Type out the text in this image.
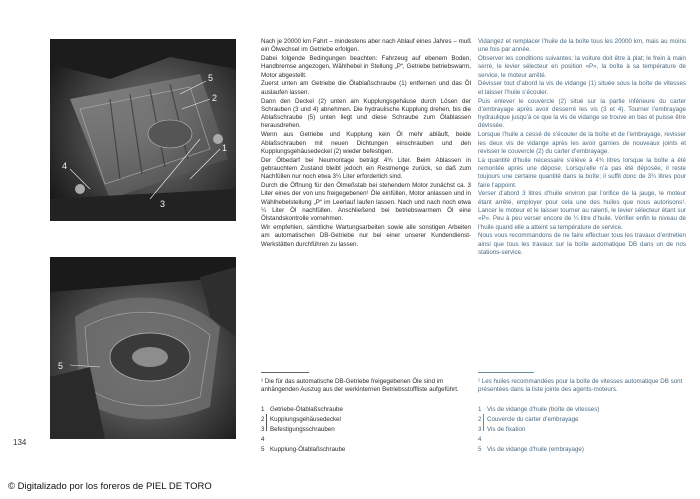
5
2
1
4
3
5

Nach je 20000 km Fahrt – mindestens aber nach Ablauf eines Jahres – muß ein Ölwechsel im Getriebe erfolgen.

Dabei folgende Bedingungen beachten: Fahrzeug auf ebenem Boden, Handbremse angezogen, Wählhebel in Stellung „P“, Getriebe betriebswarm, Motor abgestellt.

Zuerst unten am Getriebe die Ölablaßschraube (1) entfernen und das Öl auslaufen lassen.

Dann den Deckel (2) unten am Kupplungsgehäuse durch Lösen der Schrauben (3 und 4) abnehmen. Die hydraulische Kupplung drehen, bis die Ablaßschraube (5) unten liegt und diese Schraube zum Ölablassen herausdrehen.

Wenn aus Getriebe und Kupplung kein Öl mehr abläuft, beide Ablaßschrauben mit neuen Dichtungen einschrauben und den Kupplungsgehäusedeckel (2) wieder befestigen.

Der Ölbedarf bei Neumontage beträgt 4¾ Liter. Beim Ablassen in gebrauchtem Zustand bleibt jedoch ein Restmenge zurück, so daß zum Nachfüllen nur noch etwa 3¼ Liter erforderlich sind.

Durch die Öffnung für den Ölmeßstab bei stehendem Motor zunächst ca. 3 Liter eines der von uns freigegebenen¹ Öle einfüllen, Motor anlassen und in Wählhebelstellung „P“ im Leerlauf laufen lassen. Nach und nach noch etwa ¼ Liter Öl nachfüllen. Anschließend bei betriebswarmem Öl eine Ölstandskontrolle vornehmen.

Wir empfehlen, sämtliche Wartungsarbeiten sowie alle sonstigen Arbeiten am automatischen DB-Getriebe nur bei einer unserer Kundendienst-Werkstätten durchführen zu lassen.

Vidangez et remplacer l’huile de la boîte tous les 20000 km, mais au moins une fois par année.

Observer les conditions suivantes: la voiture doit être à plat; le frein à main serré, le levier sélecteur en position «P», la boîte à sa température de service, le moteur arrêté.

Dévisser tout d’abord la vis de vidange (1) située sous la boîte de vitesses et laisser l’huile s’écouler.

Puis enlever le couvercle (2) situé sur la partie inférieure du carter d’embrayage après avoir desserré les vis (3 et 4). Tourner l’embrayage hydraulique jusqu’à ce que la vis de vidange se trouve en bas et puisse être dévissée.

Lorsque l’huile a cessé de s’écouler de la boîte et de l’embrayage, revisser les deux vis de vidange après les avoir garnies de nouveaux joints et revisser le couvercle (2) du carter d’embrayage.

La quantité d’huile nécessaire s’élève à 4¾ litres lorsque la boîte a été remontée après une dépose. Lorsqu’elle n’a pas été déposée, il reste toujours une certaine quantité dans la boîte; il suffit donc de 3¼ litres pour faire l’appoint.

Verser d’abord 3 litres d’huile environ par l’orifice de la jauge, le moteur étant arrêté, employer pour cela une des huiles que nous autorisons¹. Lancer le moteur et le laisser tourner au ralenti, le levier sélecteur étant sur «P». Peu à peu verser encore de ¼ litre d’huile. Vérifier enfin le niveau de l’huile quand elle a atteint sa température de service.

Nous vous recommandons de ne faire effectuer tous les travaux d’entretien ainsi que tous les travaux sur la boîte automatique DB dans un de nos stations-service.

¹ Die für das automatische DB-Getriebe freigegebenen Öle sind im anhängenden Auszug aus der werkinternen Betriebsstoffliste aufgeführt.
¹ Les huiles recommandées pour la boîte de vitesses automatique DB sont présentées dans la liste jointe des agents-moteurs.
1 Getriebe-Ölablaßschraube
2 Kupplungsgehäusedeckel
3 Befestigungsschrauben
4
5 Kupplung-Ölablaßschraube
1 Vis de vidange d’huile (boîte de vitesses)
2 Couvercle du carter d’embrayage
3 Vis de fixation
4
5 Vis de vidange d’huile (embrayage)
134
© Digitalizado por los foreros de PIEL DE TORO
